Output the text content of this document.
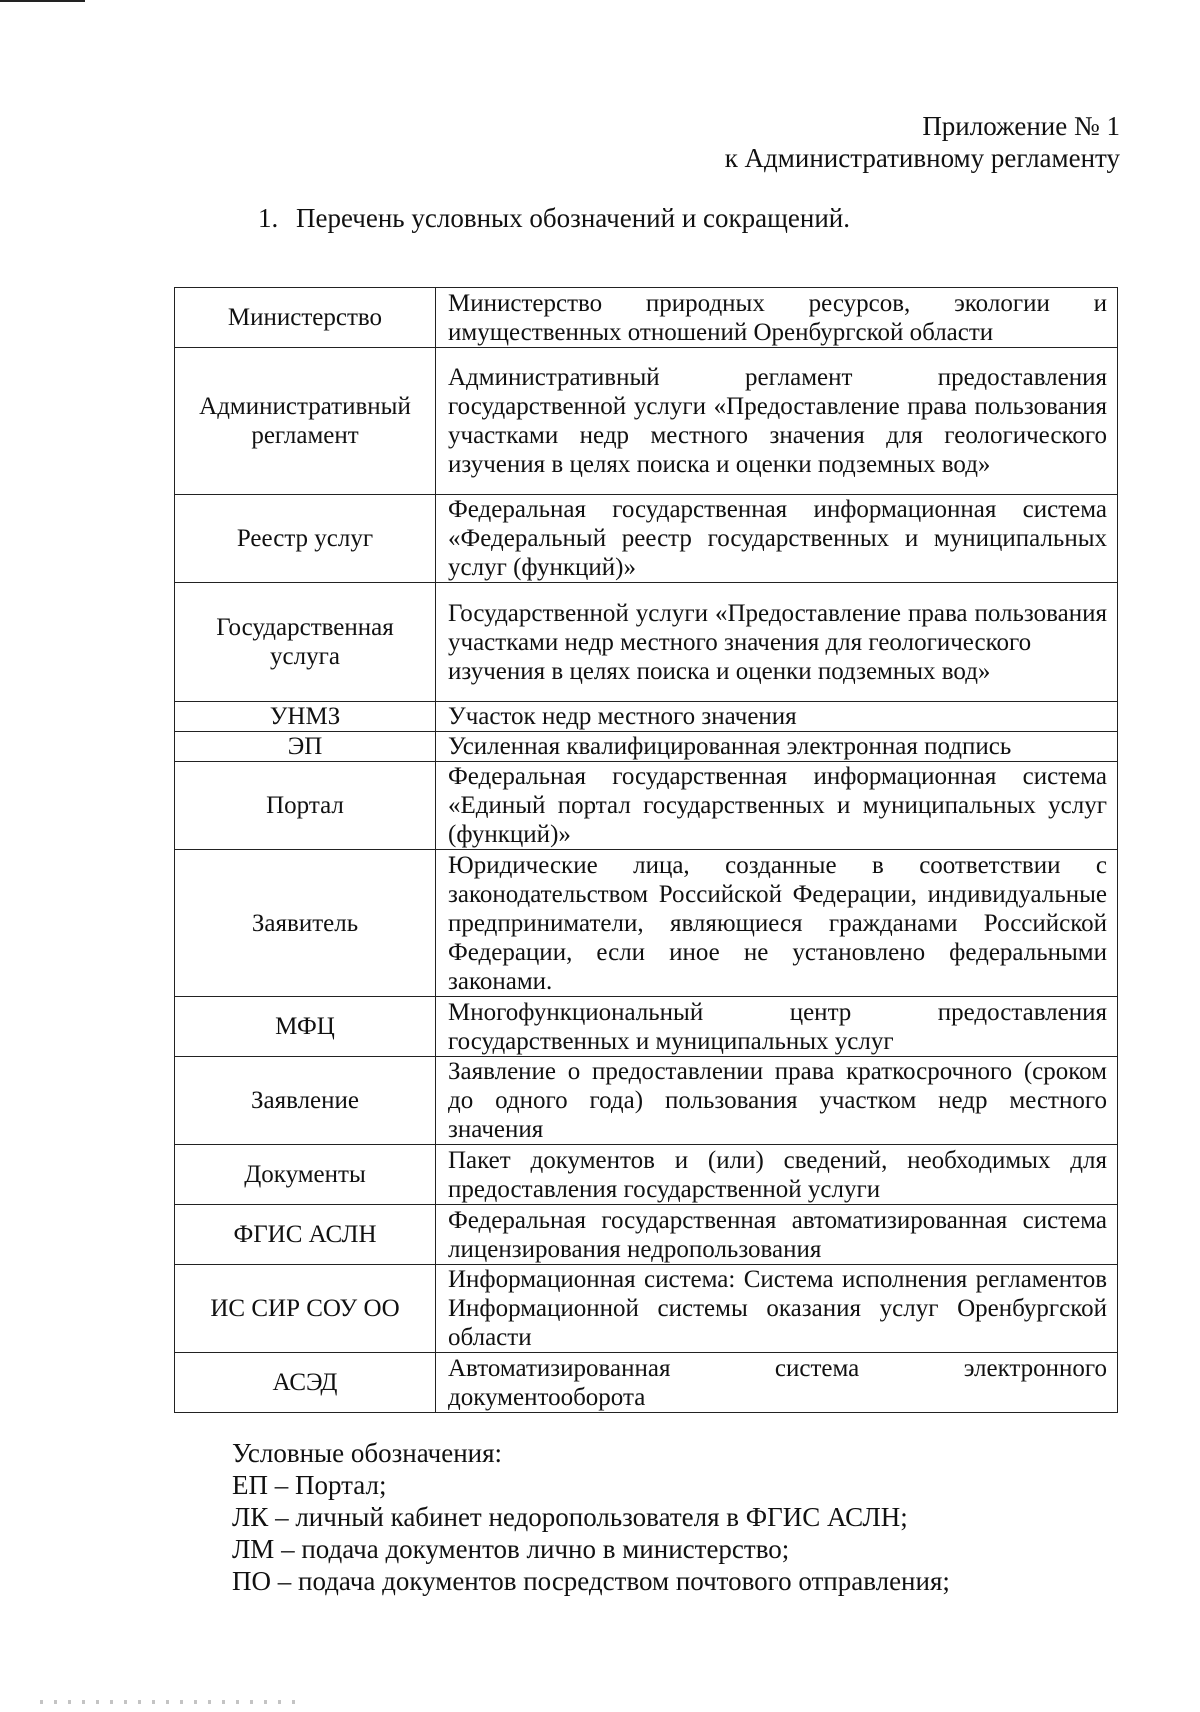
Приложение № 1
к Административному регламенту
1. Перечень условных обозначений и сокращений.
Министерство	Министерство природных ресурсов, экологии и имущественных отношений Оренбургской области
Административный регламент	Административный регламент предоставления государственной услуги «Предоставление права пользования участками недр местного значения для геологического изучения в целях поиска и оценки подземных вод»
Реестр услуг	Федеральная государственная информационная система «Федеральный реестр государственных и муниципальных услуг (функций)»
Государственная услуга	Государственной услуги «Предоставление права пользования участками недр местного значения для геологического
изучения в целях поиска и оценки подземных вод»

УНМЗ	Участок недр местного значения
ЭП	Усиленная квалифицированная электронная подпись
Портал	Федеральная государственная информационная система «Единый портал государственных и муниципальных услуг (функций)»
Заявитель	Юридические лица, созданные в соответствии с законодательством Российской Федерации, индивидуальные предприниматели, являющиеся гражданами Российской Федерации, если иное не установлено федеральными законами.
МФЦ	Многофункциональный центр предоставления государственных и муниципальных услуг
Заявление	Заявление о предоставлении права краткосрочного (сроком до одного года) пользования участком недр местного значения
Документы	Пакет документов и (или) сведений, необходимых для предоставления государственной услуги
ФГИС АСЛН	Федеральная государственная автоматизированная система лицензирования недропользования
ИС СИР СОУ ОО	Информационная система: Система исполнения регламентов Информационной системы оказания услуг Оренбургской области
АСЭД	Автоматизированная система электронного документооборота
Условные обозначения:
ЕП – Портал;
ЛК – личный кабинет недоропользователя в ФГИС АСЛН;
ЛМ – подача документов лично в министерство;
ПО – подача документов посредством почтового отправления;
